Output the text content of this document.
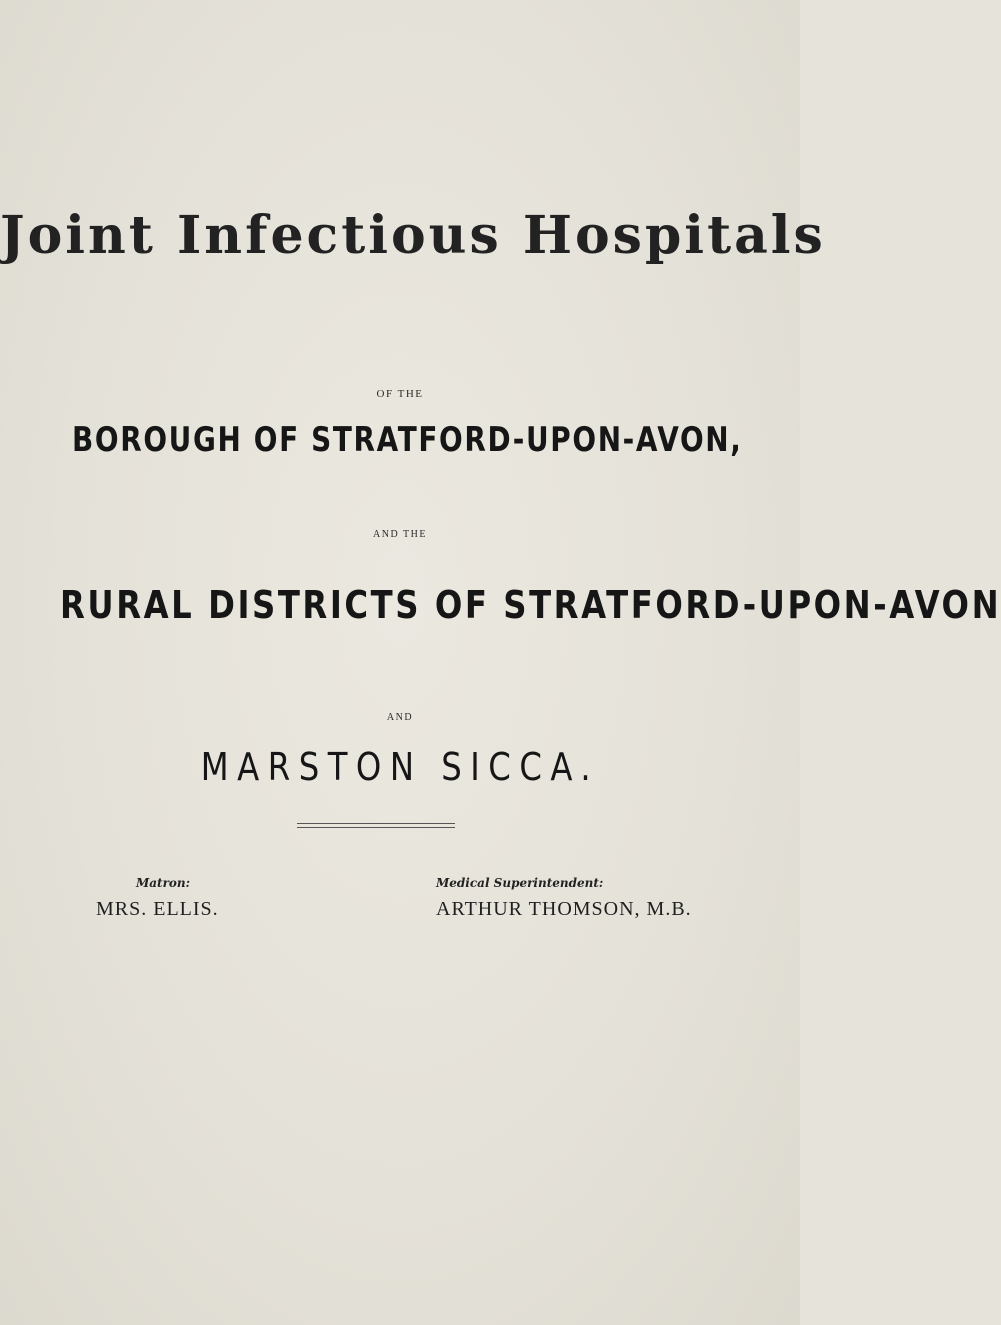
Joint Infectious Hospitals
OF THE
BOROUGH OF STRATFORD-UPON-AVON,
AND THE
RURAL DISTRICTS OF STRATFORD-UPON-AVON
AND
MARSTON SICCA.
Matron:
MRS. ELLIS.
Medical Superintendent:
ARTHUR THOMSON, M.B.
